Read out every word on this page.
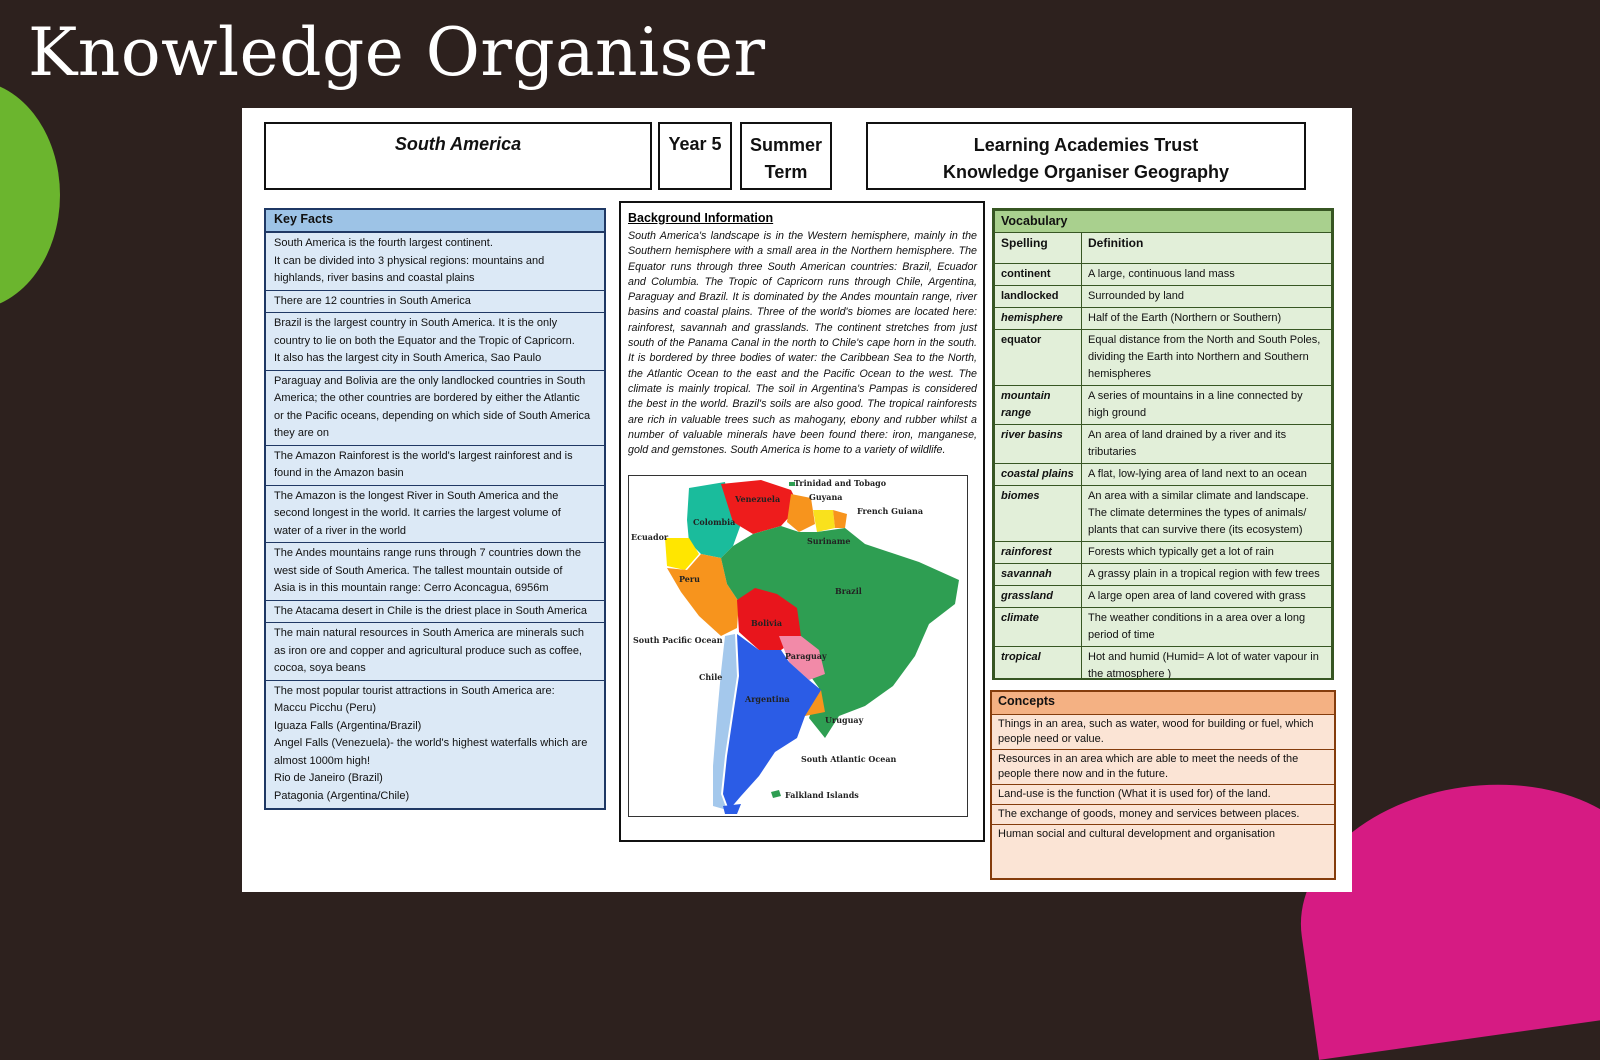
Knowledge Organiser
South America	Year 5 Summer
Term
Learning Academies Trust
Knowledge Organiser Geography
Key Facts
South America is the fourth largest continent.
It can be divided into 3 physical regions: mountains and
highlands, river basins and coastal plains
There are 12 countries in South America
Brazil is the largest country in South America. It is the only
country to lie on both the Equator and the Tropic of Capricorn.
It also has the largest city in South America, Sao Paulo
Paraguay and Bolivia are the only landlocked countries in South
America; the other countries are bordered by either the Atlantic
or the Pacific oceans, depending on which side of South America
they are on
The Amazon Rainforest is the world's largest rainforest and is
found in the Amazon basin
The Amazon is the longest River in South America and the
second longest in the world. It carries the largest volume of
water of a river in the world
The Andes mountains range runs through 7 countries down the
west side of South America. The tallest mountain outside of
Asia is in this mountain range: Cerro Aconcagua, 6956m
The Atacama desert in Chile is the driest place in South America
The main natural resources in South America are minerals such
as iron ore and copper and agricultural produce such as coffee,
cocoa, soya beans
The most popular tourist attractions in South America are:
Maccu Picchu (Peru)
Iguaza Falls (Argentina/Brazil)
Angel Falls (Venezuela)- the world's highest waterfalls which are
almost 1000m high!
Rio de Janeiro (Brazil)
Patagonia (Argentina/Chile)
Background Information
South America's landscape is in the Western hemisphere, mainly in the Southern hemisphere with a small area in the Northern hemisphere. The Equator runs through three South American countries: Brazil, Ecuador and Columbia. The Tropic of Capricorn runs through Chile, Argentina, Paraguay and Brazil. It is dominated by the Andes mountain range, river basins and coastal plains. Three of the world's biomes are located here: rainforest, savannah and grasslands. The continent stretches from just south of the Panama Canal in the north to Chile's cape horn in the south. It is bordered by three bodies of water: the Caribbean Sea to the North, the Atlantic Ocean to the east and the Pacific Ocean to the west. The climate is mainly tropical. The soil in Argentina's Pampas is considered the best in the world. Brazil's soils are also good. The tropical rainforests are rich in valuable trees such as mahogany, ebony and rubber whilst a number of valuable minerals have been found there: iron, manganese, gold and gemstones. South America is home to a variety of wildlife.
Trinidad and Tobago
Venezuela	Guyana
French Guiana
Colombia
Suriname
Ecuador
Peru
Brazil
Bolivia
South Pacific Ocean
Paraguay
Chile
Argentina
Uruguay
South Atlantic Ocean
Falkland Islands
Vocabulary	
Spelling	Definition
continent	A large, continuous land mass
landlocked	Surrounded by land
hemisphere	Half of the Earth (Northern or Southern)
equator	Equal distance from the North and South Poles, dividing the Earth into Northern and Southern hemispheres
mountain range	A series of mountains in a line connected by high ground
river basins	An area of land drained by a river and its tributaries
coastal plains	A flat, low-lying area of land next to an ocean
biomes	An area with a similar climate and landscape. The climate determines the types of animals/ plants that can survive there (its ecosystem)
rainforest	Forests which typically get a lot of rain
savannah	A grassy plain in a tropical region with few trees
grassland	A large open area of land covered with grass
climate	The weather conditions in a area over a long period of time
tropical	Hot and humid (Humid= A lot of water vapour in the atmosphere )

Concepts
Things in an area, such as water, wood for building or fuel, which people need or value.
Resources in an area which are able to meet the needs of the people there now and in the future.
Land-use is the function (What it is used for) of the land.
The exchange of goods, money and services between places.
Human social and cultural development and organisation
